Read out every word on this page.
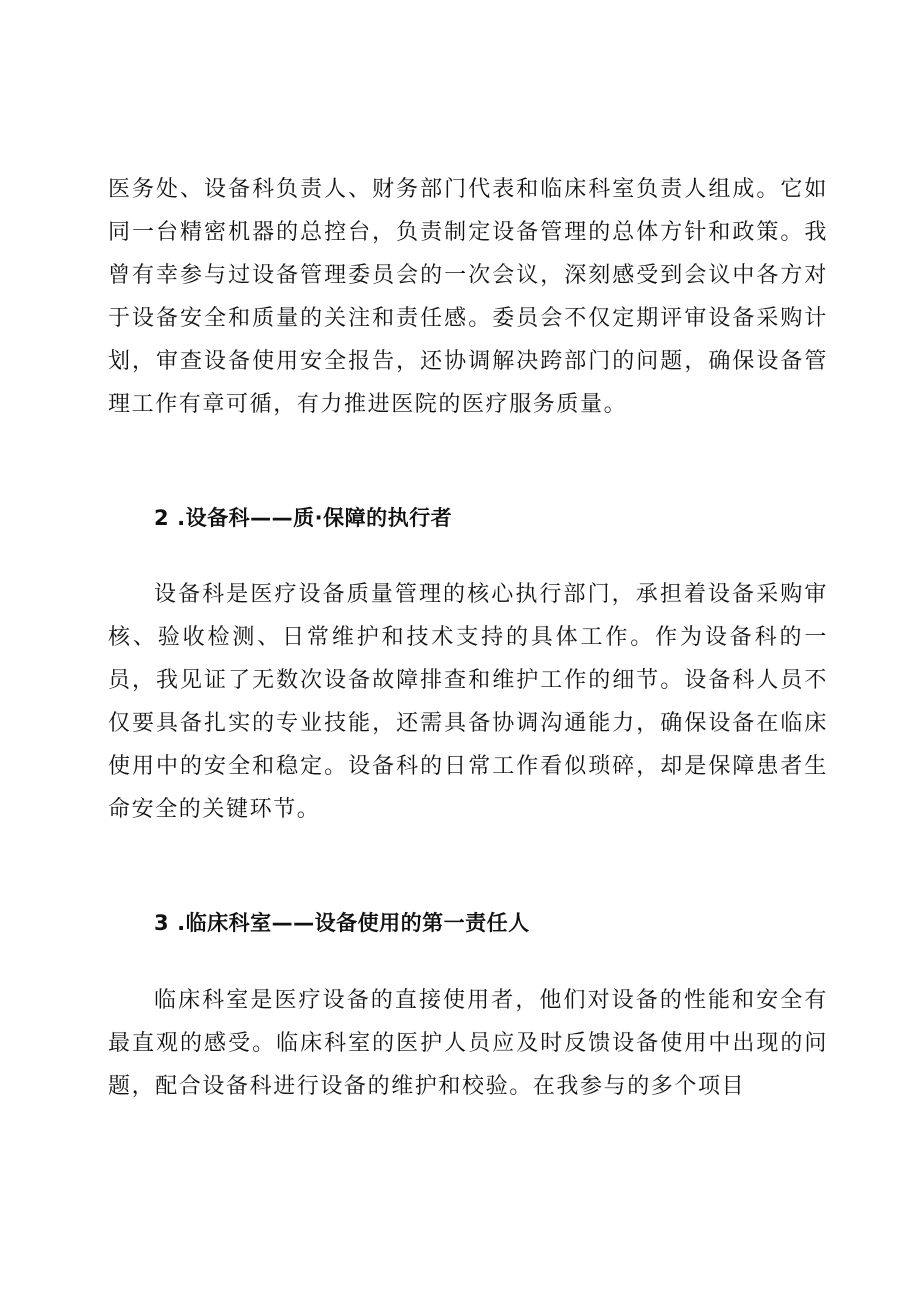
医务处、设备科负责人、财务部门代表和临床科室负责人组成。它如同一台精密机器的总控台，负责制定设备管理的总体方针和政策。我曾有幸参与过设备管理委员会的一次会议，深刻感受到会议中各方对于设备安全和质量的关注和责任感。委员会不仅定期评审设备采购计划，审查设备使用安全报告，还协调解决跨部门的问题，确保设备管理工作有章可循，有力推进医院的医疗服务质量。

2 .设备科——质·保障的执行者

设备科是医疗设备质量管理的核心执行部门，承担着设备采购审核、验收检测、日常维护和技术支持的具体工作。作为设备科的一员，我见证了无数次设备故障排查和维护工作的细节。设备科人员不仅要具备扎实的专业技能，还需具备协调沟通能力，确保设备在临床使用中的安全和稳定。设备科的日常工作看似琐碎，却是保障患者生命安全的关键环节。

3 .临床科室——设备使用的第一责任人

临床科室是医疗设备的直接使用者，他们对设备的性能和安全有最直观的感受。临床科室的医护人员应及时反馈设备使用中出现的问题，配合设备科进行设备的维护和校验。在我参与的多个项目
